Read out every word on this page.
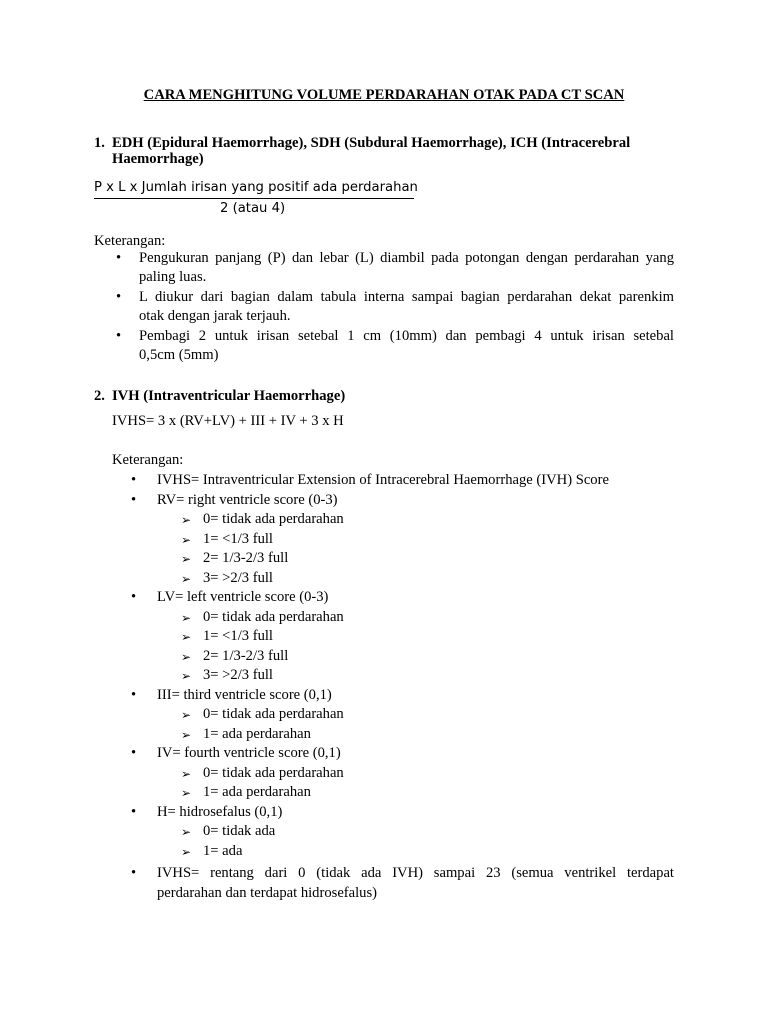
CARA MENGHITUNG VOLUME PERDARAHAN OTAK PADA CT SCAN
1. EDH (Epidural Haemorrhage), SDH (Subdural Haemorrhage), ICH (Intracerebral
Haemorrhage)
P x L x Jumlah irisan yang positif ada perdarahan
2 (atau 4)
Keterangan:
• Pengukuran panjang (P) dan lebar (L) diambil pada potongan dengan perdarahan yang
paling luas.
• L diukur dari bagian dalam tabula interna sampai bagian perdarahan dekat parenkim
otak dengan jarak terjauh.
• Pembagi 2 untuk irisan setebal 1 cm (10mm) dan pembagi 4 untuk irisan setebal
0,5cm (5mm)
2. IVH (Intraventricular Haemorrhage)
IVHS= 3 x (RV+LV) + III + IV + 3 x H
Keterangan:
• IVHS= Intraventricular Extension of Intracerebral Haemorrhage (IVH) Score
• RV= right ventricle score (0-3)
➢ 0= tidak ada perdarahan
➢ 1= <1/3 full
➢ 2= 1/3-2/3 full
➢ 3= >2/3 full
• LV= left ventricle score (0-3)
➢ 0= tidak ada perdarahan
➢ 1= <1/3 full
➢ 2= 1/3-2/3 full
➢ 3= >2/3 full
• III= third ventricle score (0,1)
➢ 0= tidak ada perdarahan
➢ 1= ada perdarahan
• IV= fourth ventricle score (0,1)
➢ 0= tidak ada perdarahan
➢ 1= ada perdarahan
• H= hidrosefalus (0,1)
➢ 0= tidak ada
➢ 1= ada
• IVHS= rentang dari 0 (tidak ada IVH) sampai 23 (semua ventrikel terdapat
perdarahan dan terdapat hidrosefalus)
